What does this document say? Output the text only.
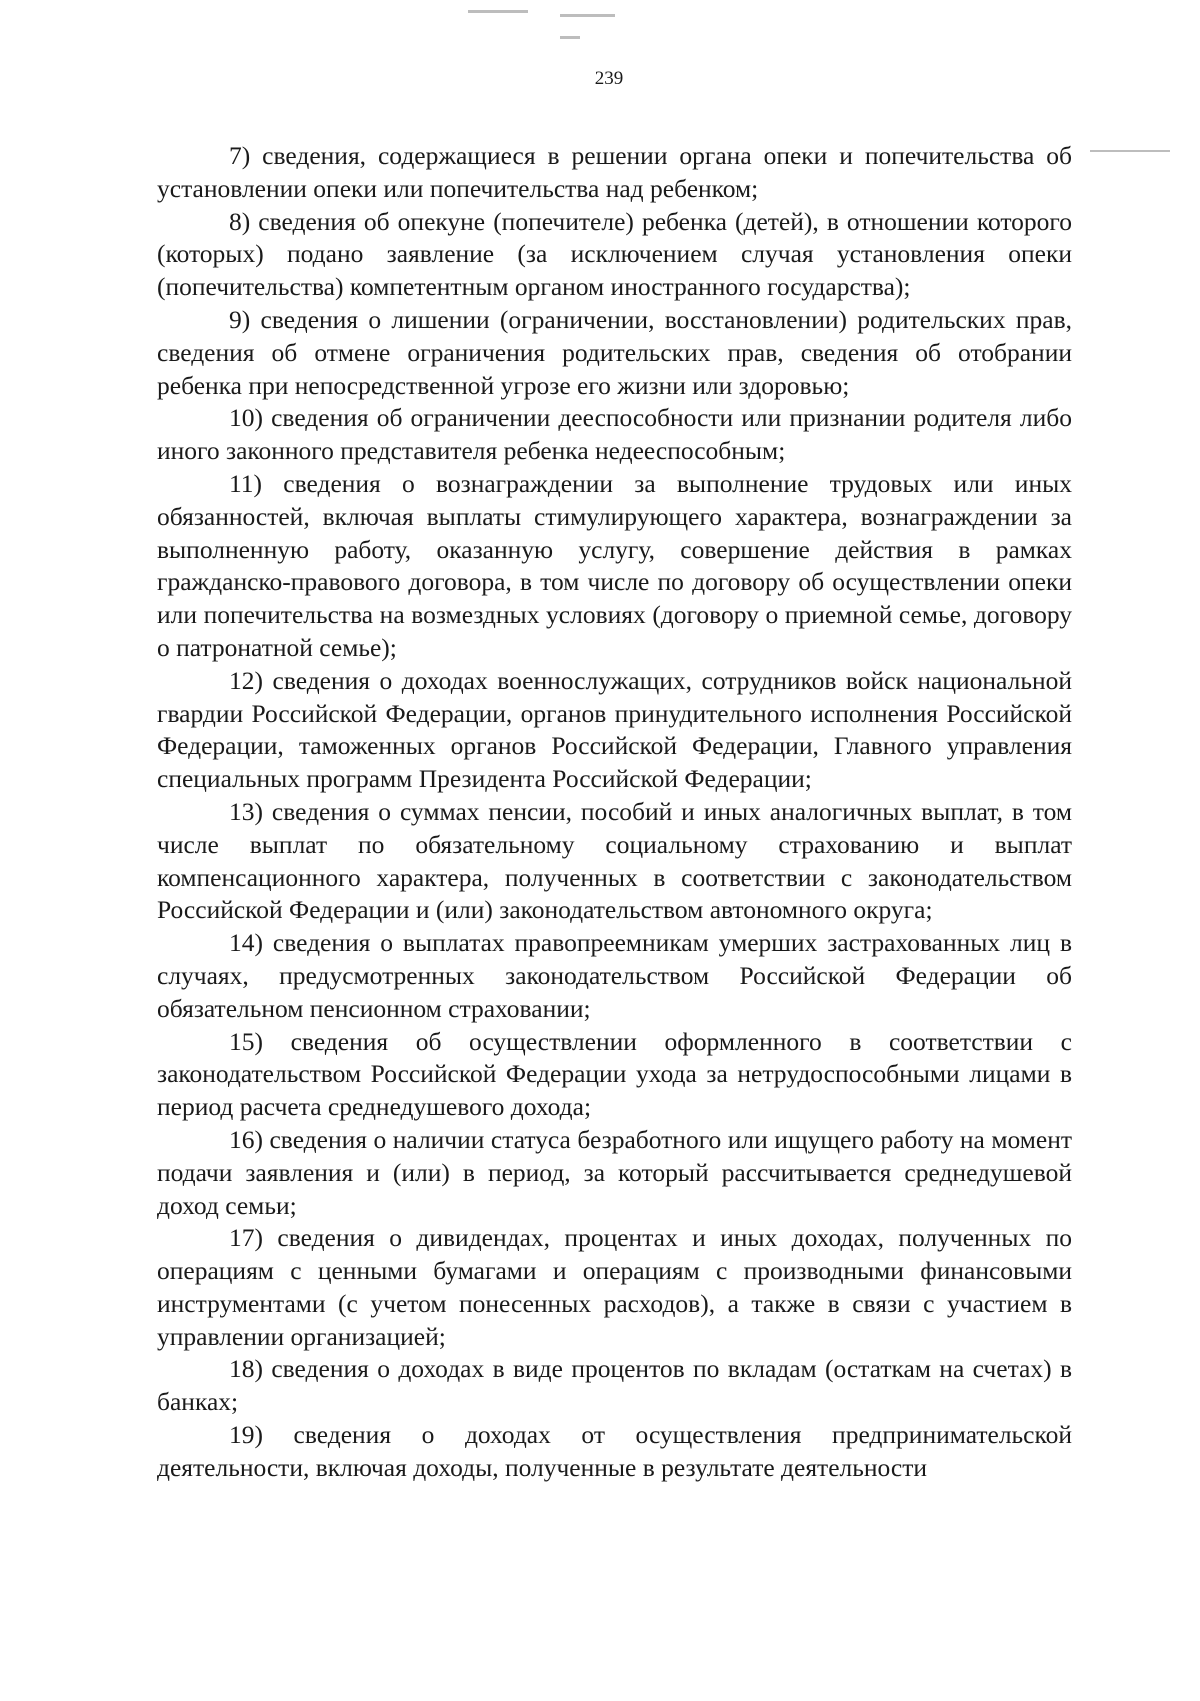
239

7) сведения, содержащиеся в решении органа опеки и попечительства об установлении опеки или попечительства над ребенком;

8) сведения об опекуне (попечителе) ребенка (детей), в отношении которого (которых) подано заявление (за исключением случая установления опеки (попечительства) компетентным органом иностранного государства);

9) сведения о лишении (ограничении, восстановлении) родительских прав, сведения об отмене ограничения родительских прав, сведения об отобрании ребенка при непосредственной угрозе его жизни или здоровью;

10) сведения об ограничении дееспособности или признании родителя либо иного законного представителя ребенка недееспособным;

11) сведения о вознаграждении за выполнение трудовых или иных обязанностей, включая выплаты стимулирующего характера, вознаграждении за выполненную работу, оказанную услугу, совершение действия в рамках гражданско-правового договора, в том числе по договору об осуществлении опеки или попечительства на возмездных условиях (договору о приемной семье, договору о патронатной семье);

12) сведения о доходах военнослужащих, сотрудников войск национальной гвардии Российской Федерации, органов принудительного исполнения Российской Федерации, таможенных органов Российской Федерации, Главного управления специальных программ Президента Российской Федерации;

13) сведения о суммах пенсии, пособий и иных аналогичных выплат, в том числе выплат по обязательному социальному страхованию и выплат компенсационного характера, полученных в соответствии с законодательством Российской Федерации и (или) законодательством автономного округа;

14) сведения о выплатах правопреемникам умерших застрахованных лиц в случаях, предусмотренных законодательством Российской Федерации об обязательном пенсионном страховании;

15) сведения об осуществлении оформленного в соответствии с законодательством Российской Федерации ухода за нетрудоспособными лицами в период расчета среднедушевого дохода;

16) сведения о наличии статуса безработного или ищущего работу на момент подачи заявления и (или) в период, за который рассчитывается среднедушевой доход семьи;

17) сведения о дивидендах, процентах и иных доходах, полученных по операциям с ценными бумагами и операциям с производными финансовыми инструментами (с учетом понесенных расходов), а также в связи с участием в управлении организацией;

18) сведения о доходах в виде процентов по вкладам (остаткам на счетах) в банках;

19) сведения о доходах от осуществления предпринимательской деятельности, включая доходы, полученные в результате деятельности
